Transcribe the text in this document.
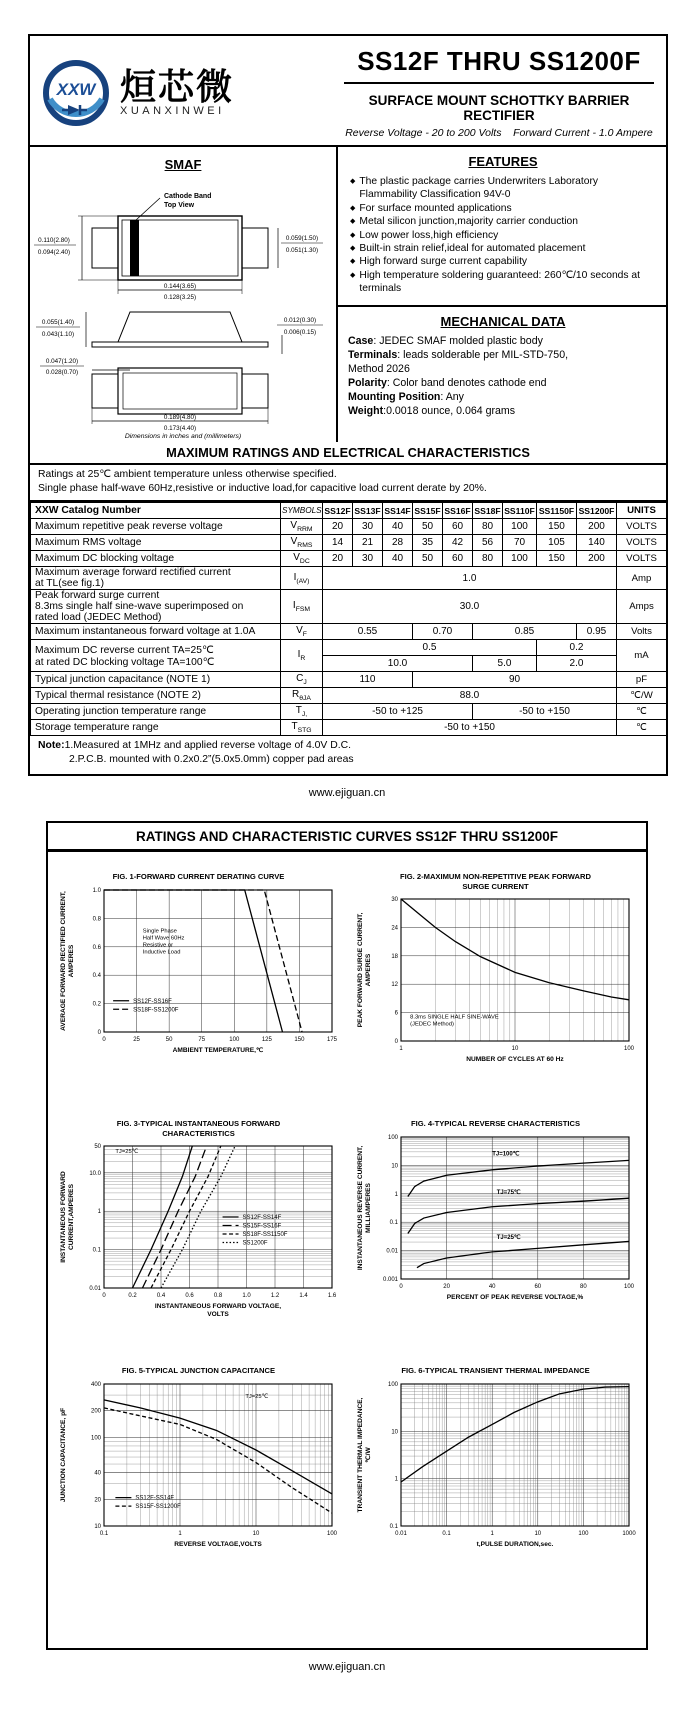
XXW 烜芯微
XUANXINWEI
SS12F THRU SS1200F
SURFACE MOUNT SCHOTTKY BARRIER RECTIFIER
Reverse Voltage - 20 to 200 Volts    Forward Current - 1.0 Ampere
SMAF
Cathode Band
Top View
0.110(2.80)
0.094(2.40)
0.059(1.50)
0.051(1.30)
0.144(3.65)
0.128(3.25)
0.055(1.40)
0.043(1.10)
0.012(0.30)
0.006(0.15)
0.047(1.20)
0.028(0.70)
0.189(4.80)
0.173(4.40)
Dimensions in inches and (millimeters)
FEATURES
◆ The plastic package carries Underwriters Laboratory Flammability Classification 94V-0
◆ For surface mounted applications
◆ Metal silicon junction,majority carrier conduction
◆ Low power loss,high efficiency
◆ Built-in strain relief,ideal for automated placement
◆ High forward surge current capability
◆ High temperature soldering guaranteed: 260℃/10 seconds at terminals
MECHANICAL DATA
Case: JEDEC SMAF molded plastic body
Terminals: leads solderable per MIL-STD-750,
Method 2026
Polarity: Color band denotes cathode end
Mounting Position: Any
Weight:0.0018 ounce, 0.064 grams
MAXIMUM RATINGS AND ELECTRICAL CHARACTERISTICS
Ratings at 25℃ ambient temperature unless otherwise specified.
Single phase half-wave 60Hz,resistive or inductive load,for capacitive load current derate by 20%.
XXW Catalog Number	SYMBOLS	SS12F	SS13F	SS14F	SS15F	SS16F	SS18F	SS110F	SS1150F	SS1200F	UNITS

Maximum repetitive peak reverse voltage	$V_{RRM}$	20	30	40	50	60	80	100	150	200	VOLTS

Maximum RMS voltage	$V_{RMS}$	14	21	28	35	42	56	70	105	140	VOLTS

Maximum DC blocking voltage	$V_{DC}$	20	30	40	50	60	80	100	150	200	VOLTS

Maximum average forward rectified current
at TL(see fig.1)	$I_{(AV)}$	1.0									Amp

Peak forward surge current
8.3ms single half sine-wave superimposed on
rated load (JEDEC Method)	$I_{FSM}$	30.0									Amps

Maximum instantaneous forward voltage at 1.0A	$V_F$	0.55			0.70		0.85			0.95	Volts

Maximum DC reverse current TA=25℃
at rated DC blocking voltage TA=100℃	$I_R$	0.5							0.2		mA
		10.0					5.0		2.0		

Typical junction capacitance (NOTE 1)	$C_J$	110			90						pF

Typical thermal resistance (NOTE 2)	$R_{\theta JA}$	88.0									℃/W

Operating junction temperature range	$T_{J,}$	-50 to +125					-50 to +150				℃

Storage temperature range	$T_{STG}$	-50 to +150									℃
Note:1.Measured at 1MHz and applied reverse voltage of 4.0V D.C.
2.P.C.B. mounted with 0.2x0.2”(5.0x5.0mm) copper pad areas
www.ejiguan.cn
RATINGS AND CHARACTERISTIC CURVES SS12F THRU SS1200F
FIG. 1-FORWARD CURRENT DERATING CURVE
0	25	50	75	100	125	150	175
0
0.2
0.4
0.6
0.8
1.0
AMBIENT TEMPERATURE,℃
AVERAGE FORWARD RECTIFIED CURRENT, AMPERES
Single Phase
Half Wave 60Hz
Resistive or
Inductive Load
SS12F-SS16F
SS18F-SS1200F
FIG. 2-MAXIMUM NON-REPETITIVE PEAK FORWARD
SURGE CURRENT
1	10	100
0
6
12
18
24
30
NUMBER OF CYCLES AT 60 Hz
PEAK FORWARD SURGE CURRENT, AMPERES
8.3ms SINGLE HALF SINE-WAVE
(JEDEC Method)
FIG. 3-TYPICAL INSTANTANEOUS FORWARD
CHARACTERISTICS
0	0.2	0.4	0.6	0.8	1.0	1.2	1.4	1.6
0.01
0.1
1
10.0
50
INSTANTANEOUS FORWARD VOLTAGE,
VOLTS
INSTANTANEOUS FORWARD CURRENT,AMPERES
TJ=25℃
SS12F-SS14F
SS15F-SS16F
SS18F-SS1150F
SS1200F
FIG. 4-TYPICAL REVERSE CHARACTERISTICS
0	20	40	60	80	100
0.001
0.01
0.1
1
10
100
PERCENT OF PEAK REVERSE VOLTAGE,%
INSTANTANEOUS REVERSE CURRENT, MILLIAMPERES
TJ=100℃
TJ=75℃
TJ=25℃
FIG. 5-TYPICAL JUNCTION CAPACITANCE
0.1	1	10	100
10
20
40
100
200
400
REVERSE VOLTAGE,VOLTS
JUNCTION CAPACITANCE, pF
TJ=25℃
SS12F-SS14F
SS15F-SS1200F
FIG. 6-TYPICAL TRANSIENT THERMAL IMPEDANCE
0.01	0.1	1	10	100	1000
0.1
1
10
100
t,PULSE DURATION,sec.
TRANSIENT THERMAL IMPEDANCE, ℃/W
www.ejiguan.cn
